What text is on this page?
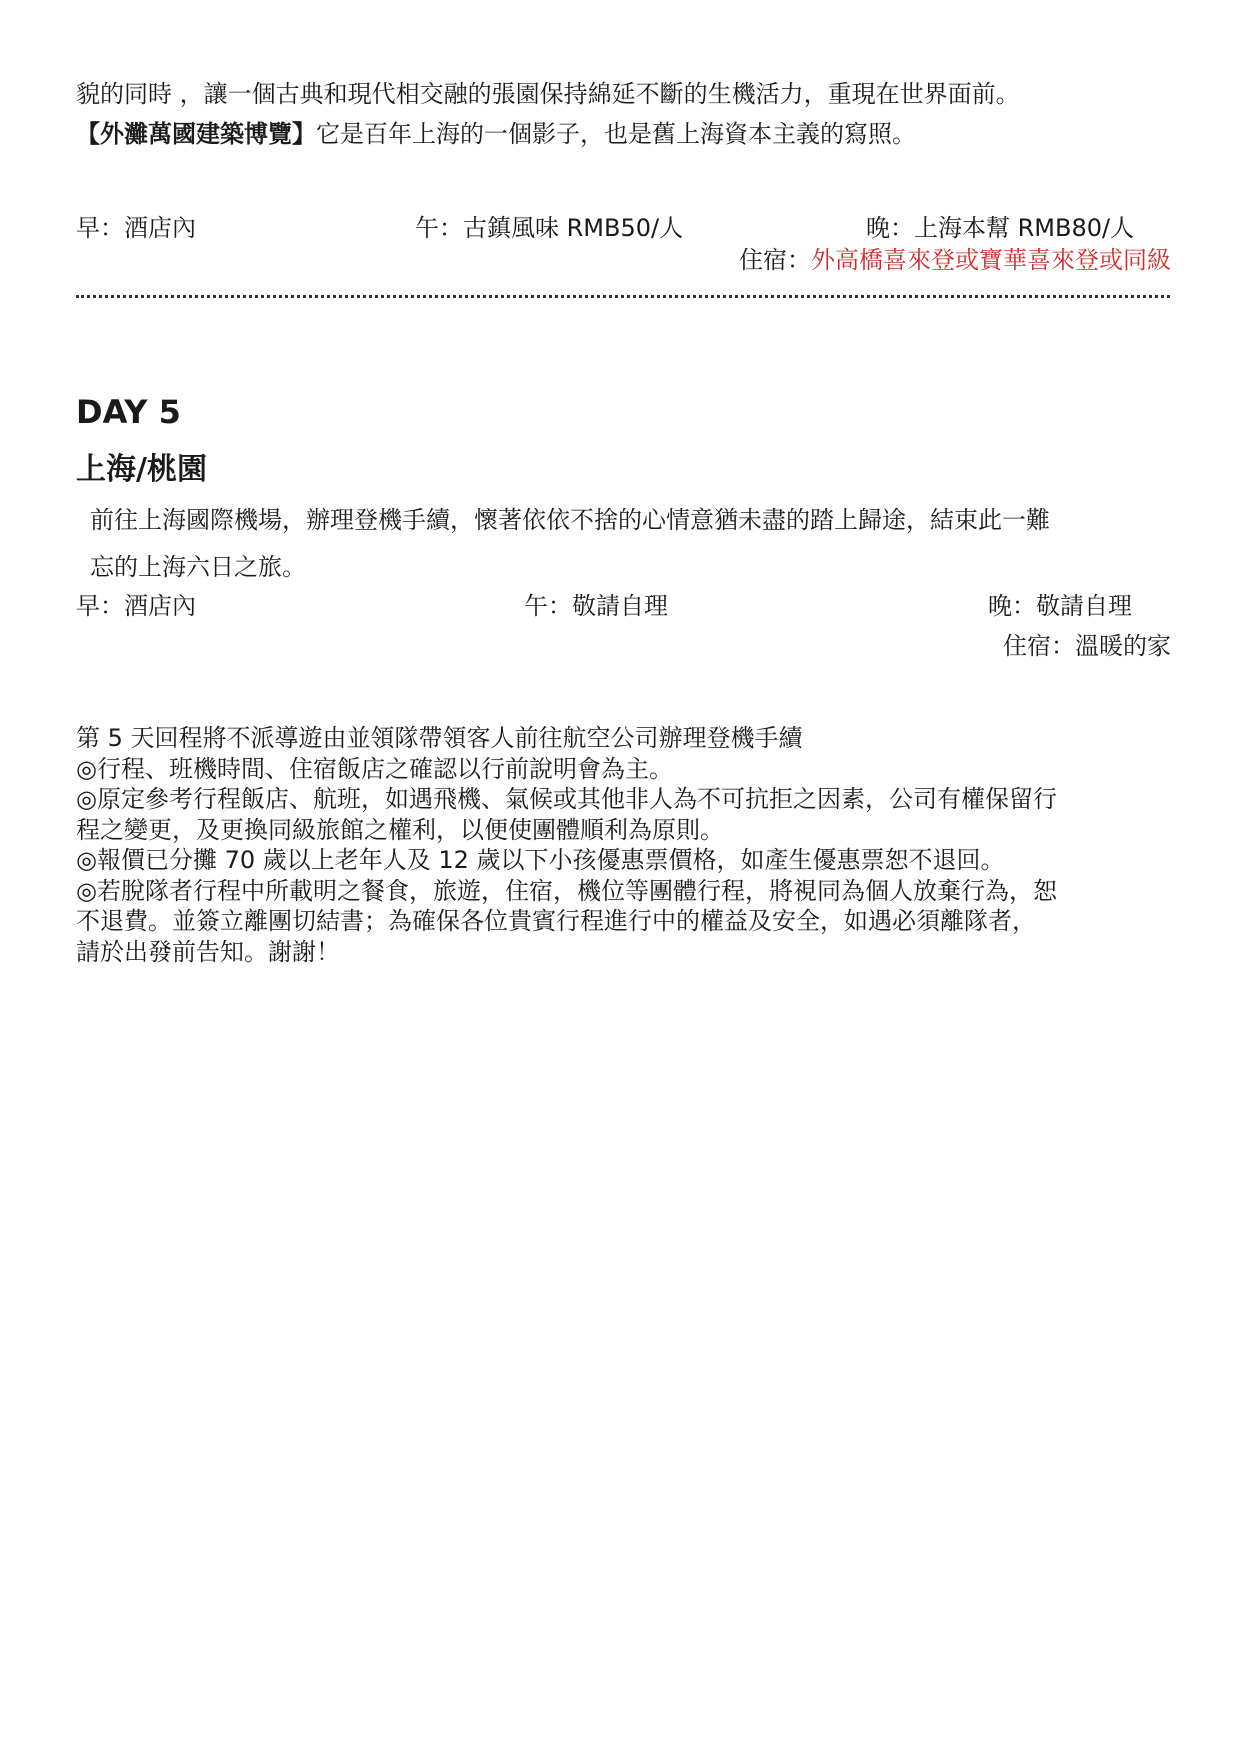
貌的同時 ，讓一個古典和現代相交融的張園保持綿延不斷的生機活力，重現在世界面前。
【外灘萬國建築博覽】它是百年上海的一個影子，也是舊上海資本主義的寫照。
早：酒店內	午：古鎮風味 RMB50/人	晚：上海本幫 RMB80/人
住宿：外高橋喜來登或寶華喜來登或同級
DAY 5
上海/桃園
前往上海國際機場，辦理登機手續，懷著依依不捨的心情意猶未盡的踏上歸途，結束此一難
忘的上海六日之旅。
早：酒店內	午：敬請自理	晚：敬請自理
住宿：溫暖的家
第 5 天回程將不派導遊由並領隊帶領客人前往航空公司辦理登機手續
◎行程、班機時間、住宿飯店之確認以行前說明會為主。
◎原定參考行程飯店、航班，如遇飛機、氣候或其他非人為不可抗拒之因素，公司有權保留行
程之變更，及更換同級旅館之權利，以便使團體順利為原則。
◎報價已分攤 70 歲以上老年人及 12 歲以下小孩優惠票價格，如產生優惠票恕不退回。
◎若脫隊者行程中所載明之餐食，旅遊，住宿，機位等團體行程，將視同為個人放棄行為，恕
不退費。並簽立離團切結書；為確保各位貴賓行程進行中的權益及安全，如遇必須離隊者，
請於出發前告知。謝謝！
